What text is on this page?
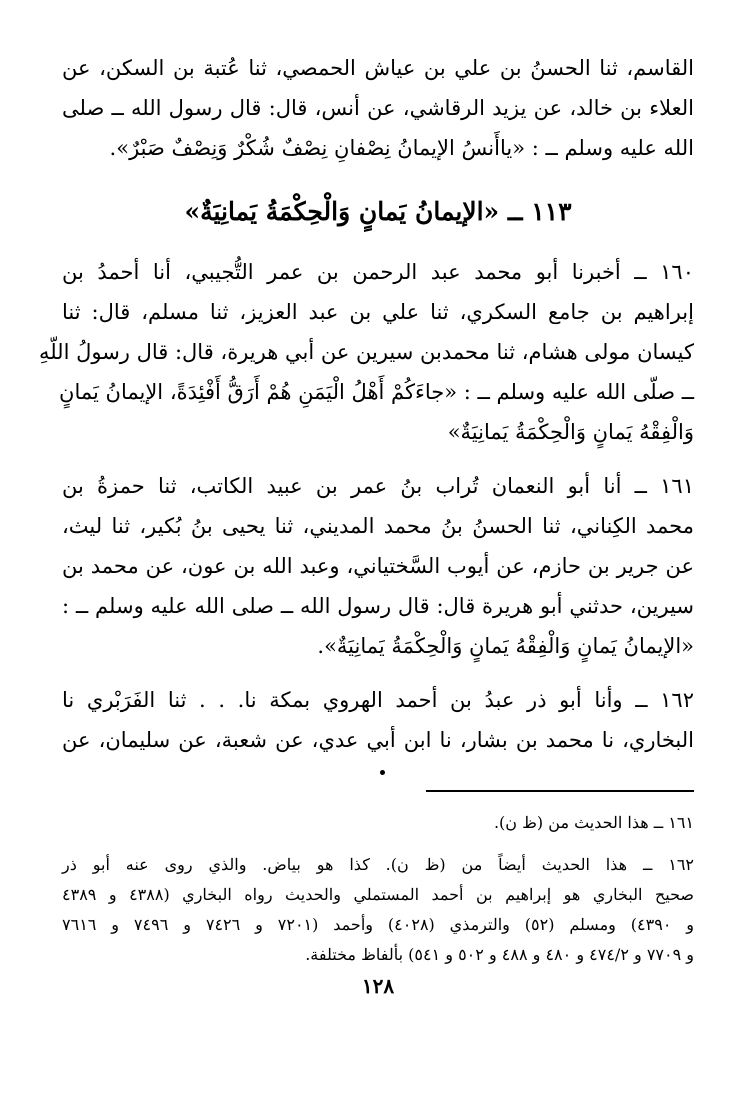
القاسم، ثنا الحسنُ بن علي بن عياش الحمصي، ثنا عُتبة بن السكن، عن
العلاء بن خالد، عن يزيد الرقاشي، عن أنس، قال: قال رسول الله ــ صلى
الله عليه وسلم ــ : «ياأَنسُ الإيمانُ نِصْفانِ نِصْفٌ شُكْرٌ وَنِصْفٌ صَبْرٌ».
١١٣ ــ «الإيمانُ يَمانٍ وَالْحِكْمَةُ يَمانِيَةٌ»
١٦٠ ــ أخبرنا أبو محمد عبد الرحمن بن عمر التُّجيبي، أنا أحمدُ بن
إبراهيم بن جامع السكري، ثنا علي بن عبد العزيز، ثنا مسلم، قال: ثنا
كيسان مولى هشام، ثنا محمدبن سيرين عن أبي هريرة، قال: قال رسولُ اللّهِ
ــ صلّى الله عليه وسلم ــ : «جاءَكُمْ أَهْلُ الْيَمَنِ هُمْ أَرَقُّ أَفْئِدَةً، الإيمانُ يَمانٍ
وَالْفِقْهُ يَمانٍ وَالْحِكْمَةُ يَمانِيَةٌ»
١٦١ ــ أنا أبو النعمان تُراب بنُ عمر بن عبيد الكاتب، ثنا حمزةُ بن
محمد الكِناني، ثنا الحسنُ بنُ محمد المديني، ثنا يحيى بنُ بُكير، ثنا ليث،
عن جرير بن حازم، عن أيوب السَّختياني، وعبد الله بن عون، عن محمد بن
سيرين، حدثني أبو هريرة قال: قال رسول الله ــ صلى الله عليه وسلم ــ :
«الإيمانُ يَمانٍ وَالْفِقْهُ يَمانٍ وَالْحِكْمَةُ يَمانِيَةٌ».
١٦٢ ــ وأنا أبو ذر عبدُ بن أحمد الهروي بمكة نا. . . ثنا الفَرَبْري نا
البخاري، نا محمد بن بشار، نا ابن أبي عدي، عن شعبة، عن سليمان، عن
١٦١ ــ هذا الحديث من (ظ ن).
١٦٢ ــ هذا الحديث أيضاً من (ظ ن). كذا هو بياض. والذي روى عنه أبو ذر
صحيح البخاري هو إبراهيم بن أحمد المستملي والحديث رواه البخاري (٤٣٨٨ و ٤٣٨٩
و ٤٣٩٠) ومسلم (٥٢) والترمذي (٤٠٢٨) وأحمد (٧٢٠١ و ٧٤٢٦ و ٧٤٩٦ و ٧٦١٦
و ٧٧٠٩ و ٤٧٤/٢ و ٤٨٠ و ٤٨٨ و ٥٠٢ و ٥٤١) بألفاظ مختلفة.
١٢٨
